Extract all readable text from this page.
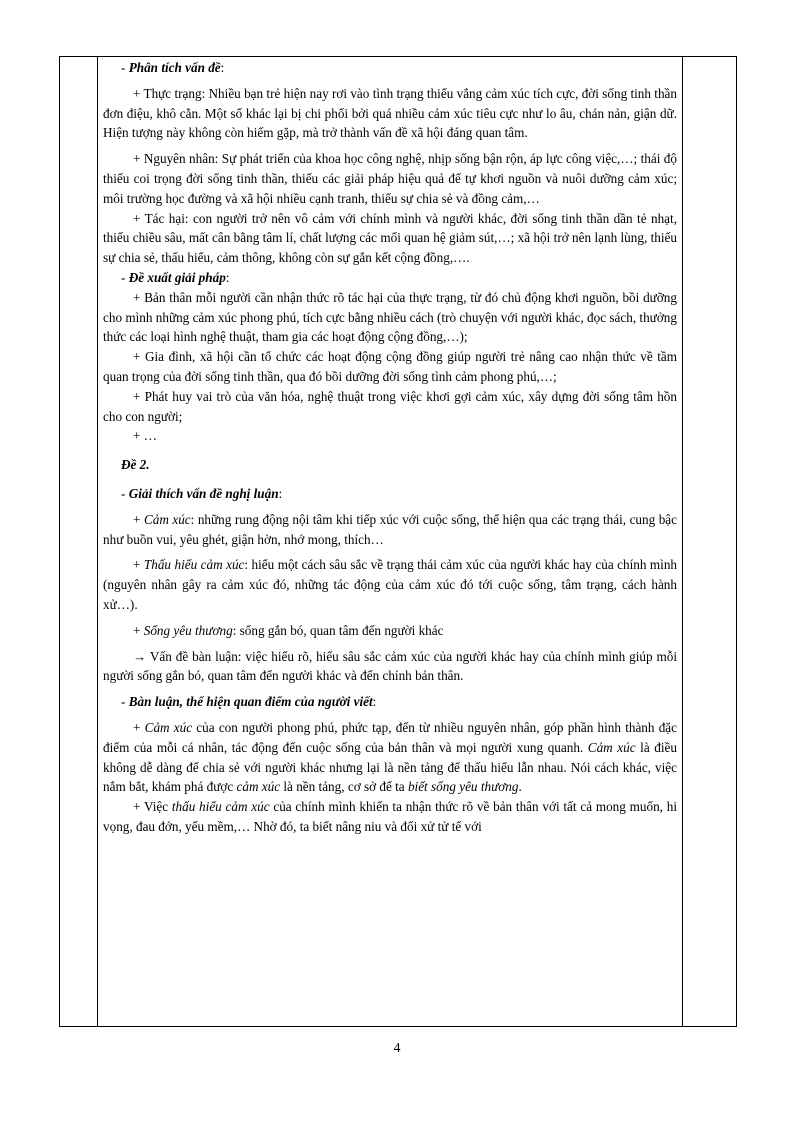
- Phân tích vấn đề:

+ Thực trạng: Nhiều bạn trẻ hiện nay rơi vào tình trạng thiếu vắng cảm xúc tích cực, đời sống tinh thần đơn điệu, khô cằn. Một số khác lại bị chi phối bởi quá nhiều cảm xúc tiêu cực như lo âu, chán nản, giận dữ. Hiện tượng này không còn hiếm gặp, mà trở thành vấn đề xã hội đáng quan tâm.

+ Nguyên nhân: Sự phát triển của khoa học công nghệ, nhịp sống bận rộn, áp lực công việc,…; thái độ thiếu coi trọng đời sống tinh thần, thiếu các giải pháp hiệu quả để tự khơi nguồn và nuôi dưỡng cảm xúc; môi trường học đường và xã hội nhiều cạnh tranh, thiếu sự chia sẻ và đồng cảm,…

+ Tác hại: con người trở nên vô cảm với chính mình và người khác, đời sống tinh thần dần tẻ nhạt, thiếu chiều sâu, mất cân bằng tâm lí, chất lượng các mối quan hệ giảm sút,…; xã hội trở nên lạnh lùng, thiếu sự chia sẻ, thấu hiểu, cảm thông, không còn sự gắn kết cộng đồng,….

- Đề xuất giải pháp:

+ Bản thân mỗi người cần nhận thức rõ tác hại của thực trạng, từ đó chủ động khơi nguồn, bồi dưỡng cho mình những cảm xúc phong phú, tích cực bằng nhiều cách (trò chuyện với người khác, đọc sách, thưởng thức các loại hình nghệ thuật, tham gia các hoạt động cộng đồng,…);

+ Gia đình, xã hội cần tổ chức các hoạt động cộng đồng giúp người trẻ nâng cao nhận thức về tầm quan trọng của đời sống tinh thần, qua đó bồi dưỡng đời sống tình cảm phong phú,…;

+ Phát huy vai trò của văn hóa, nghệ thuật trong việc khơi gợi cảm xúc, xây dựng đời sống tâm hồn cho con người;

+ …

Đề 2.

- Giải thích vấn đề nghị luận:

+ Cảm xúc: những rung động nội tâm khi tiếp xúc với cuộc sống, thể hiện qua các trạng thái, cung bậc như buồn vui, yêu ghét, giận hờn, nhớ mong, thích…

+ Thấu hiểu cảm xúc: hiểu một cách sâu sắc về trạng thái cảm xúc của người khác hay của chính mình (nguyên nhân gây ra cảm xúc đó, những tác động của cảm xúc đó tới cuộc sống, tâm trạng, cách hành xử…).

+ Sống yêu thương: sống gắn bó, quan tâm đến người khác

→ Vấn đề bàn luận: việc hiểu rõ, hiểu sâu sắc cảm xúc của người khác hay của chính mình giúp mỗi người sống gắn bó, quan tâm đến người khác và đến chính bản thân.

- Bàn luận, thể hiện quan điểm của người viết:

+ Cảm xúc của con người phong phú, phức tạp, đến từ nhiều nguyên nhân, góp phần hình thành đặc điểm của mỗi cá nhân, tác động đến cuộc sống của bản thân và mọi người xung quanh. Cảm xúc là điều không dễ dàng để chia sẻ với người khác nhưng lại là nền tảng để thấu hiểu lẫn nhau. Nói cách khác, việc nắm bắt, khám phá được cảm xúc là nền tảng, cơ sở để ta biết sống yêu thương.

+ Việc thấu hiểu cảm xúc của chính mình khiến ta nhận thức rõ về bản thân với tất cả mong muốn, hi vọng, đau đớn, yếu mềm,… Nhờ đó, ta biết nâng niu và đối xử tử tế với

4
